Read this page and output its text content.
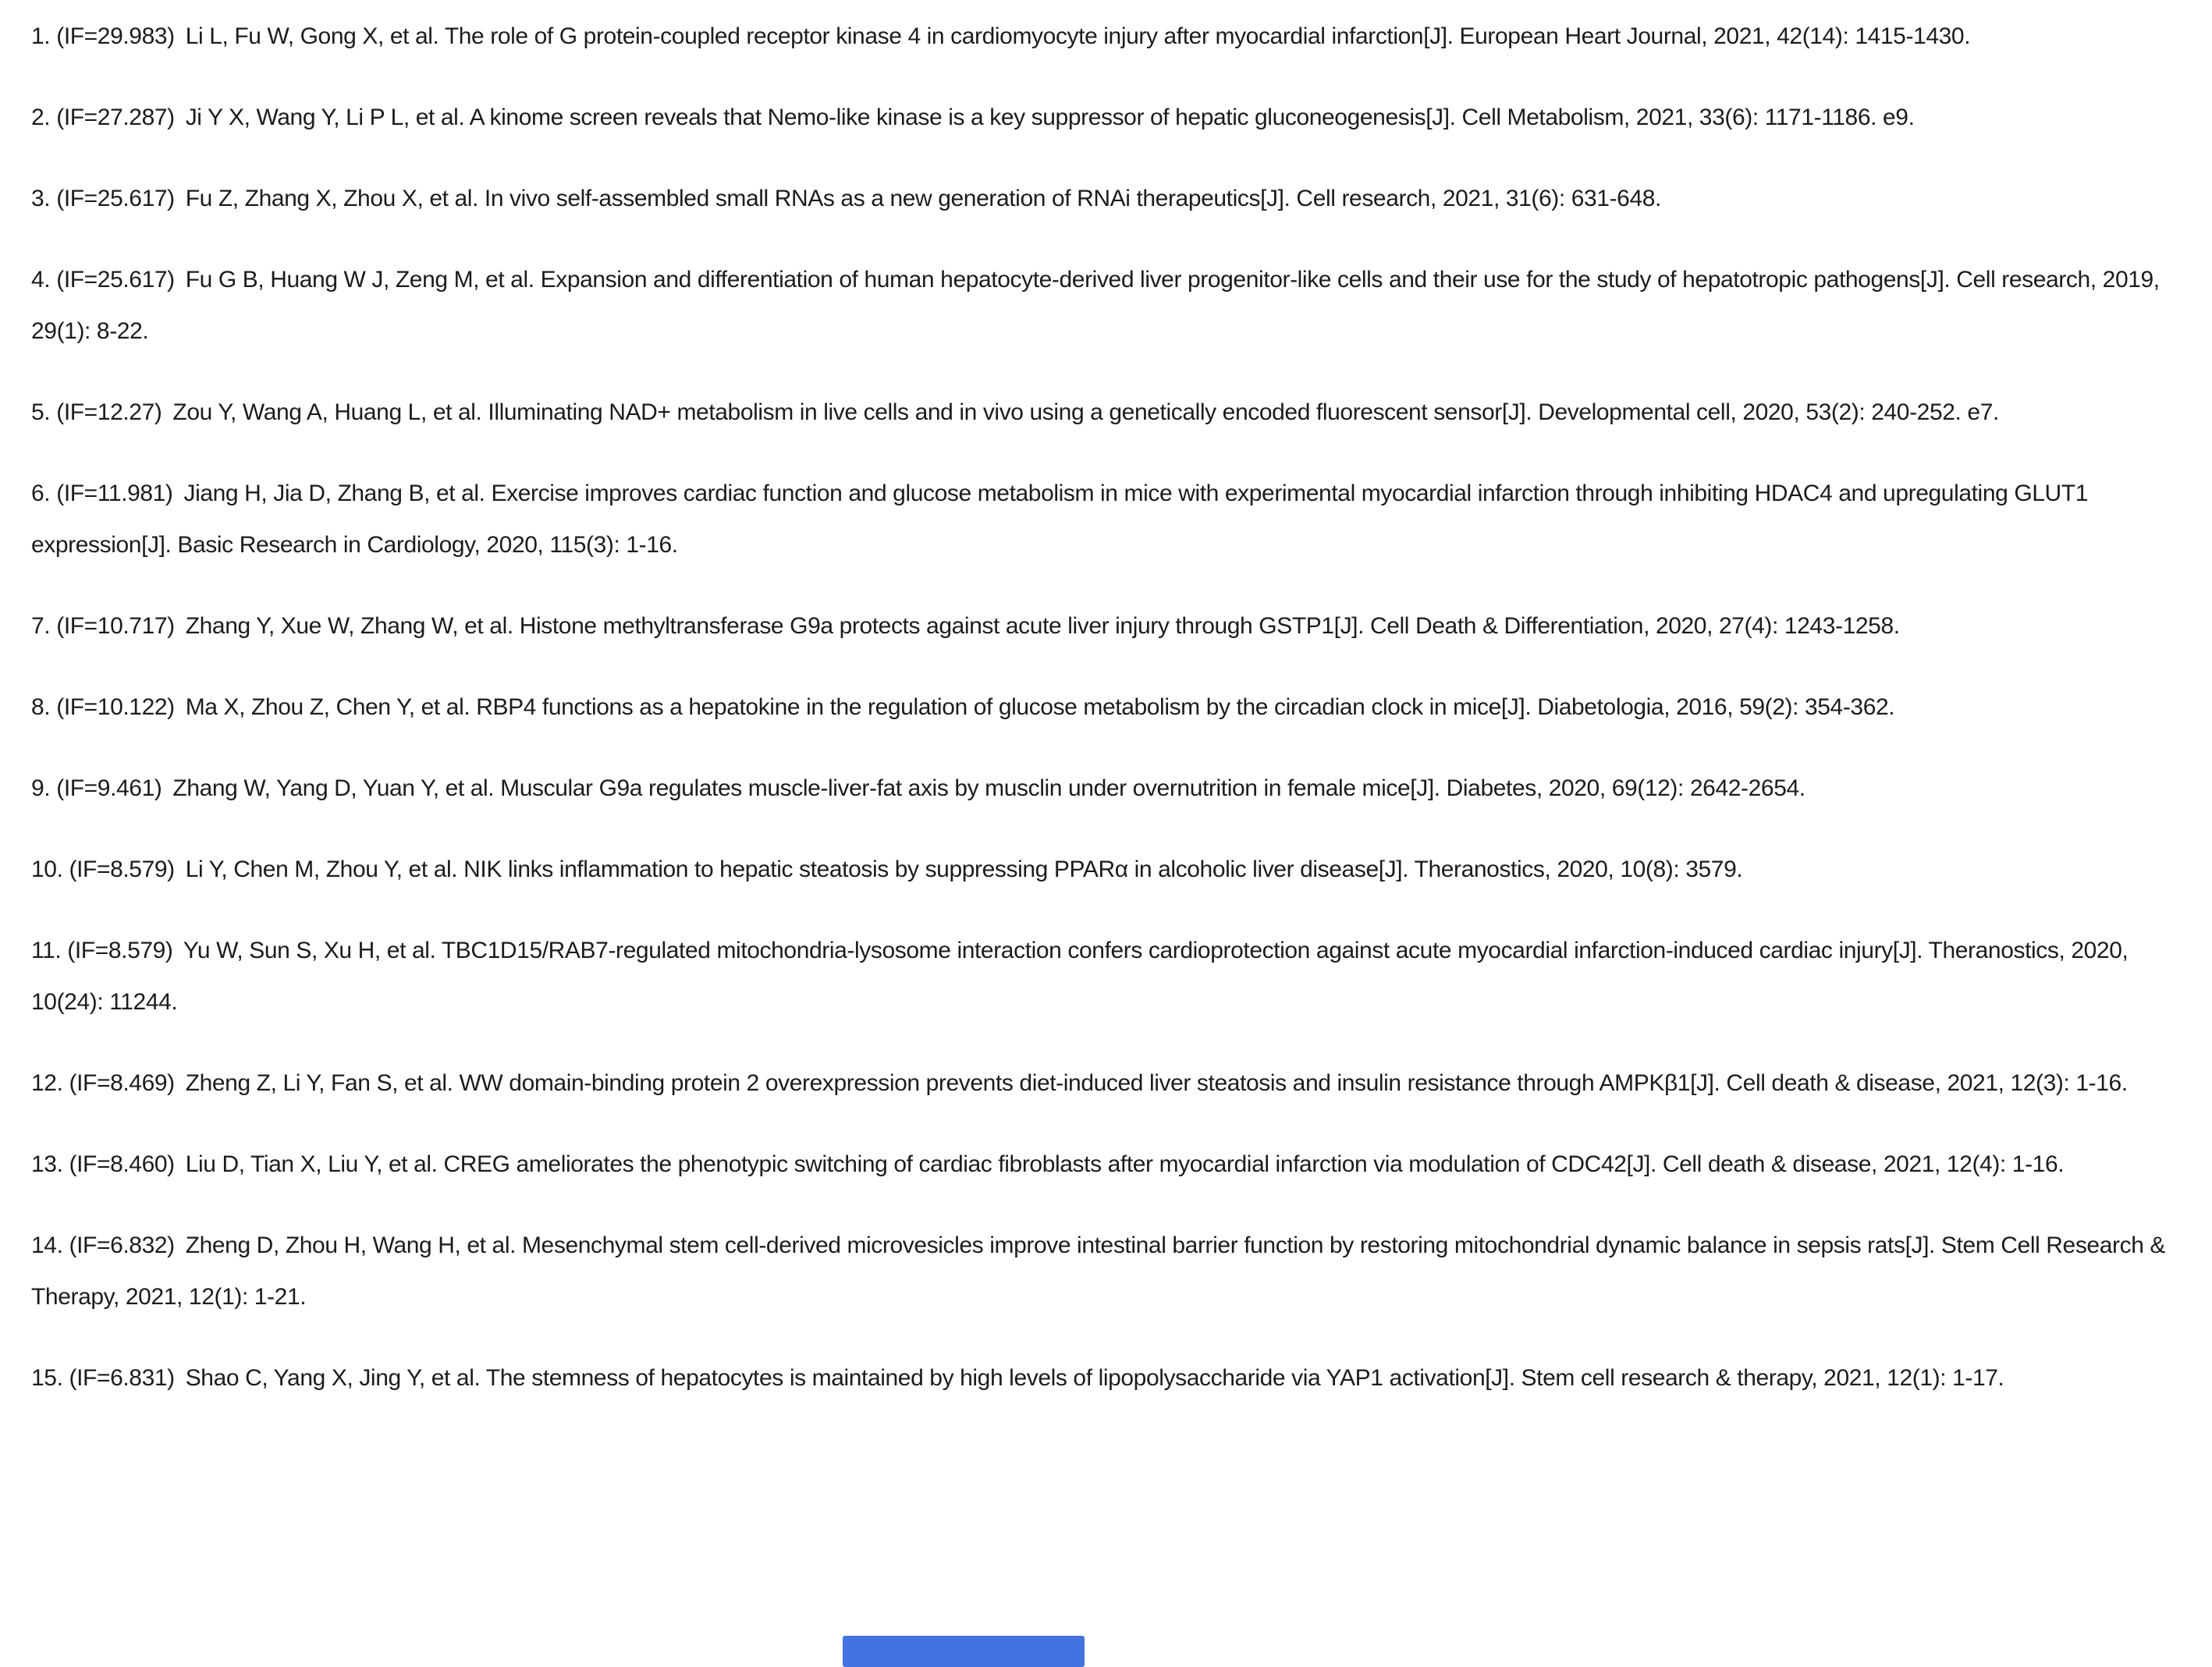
1. (IF=29.983) Li L, Fu W, Gong X, et al. The role of G protein-coupled receptor kinase 4 in cardiomyocyte injury after myocardial infarction[J]. European Heart Journal, 2021, 42(14): 1415-1430.

2. (IF=27.287) Ji Y X, Wang Y, Li P L, et al. A kinome screen reveals that Nemo-like kinase is a key suppressor of hepatic gluconeogenesis[J]. Cell Metabolism, 2021, 33(6): 1171-1186. e9.

3. (IF=25.617) Fu Z, Zhang X, Zhou X, et al. In vivo self-assembled small RNAs as a new generation of RNAi therapeutics[J]. Cell research, 2021, 31(6): 631-648.

4. (IF=25.617) Fu G B, Huang W J, Zeng M, et al. Expansion and differentiation of human hepatocyte-derived liver progenitor-like cells and their use for the study of hepatotropic pathogens[J]. Cell research, 2019, 29(1): 8-22.

5. (IF=12.27) Zou Y, Wang A, Huang L, et al. Illuminating NAD+ metabolism in live cells and in vivo using a genetically encoded fluorescent sensor[J]. Developmental cell, 2020, 53(2): 240-252. e7.

6. (IF=11.981) Jiang H, Jia D, Zhang B, et al. Exercise improves cardiac function and glucose metabolism in mice with experimental myocardial infarction through inhibiting HDAC4 and upregulating GLUT1 expression[J]. Basic Research in Cardiology, 2020, 115(3): 1-16.

7. (IF=10.717) Zhang Y, Xue W, Zhang W, et al. Histone methyltransferase G9a protects against acute liver injury through GSTP1[J]. Cell Death & Differentiation, 2020, 27(4): 1243-1258.

8. (IF=10.122) Ma X, Zhou Z, Chen Y, et al. RBP4 functions as a hepatokine in the regulation of glucose metabolism by the circadian clock in mice[J]. Diabetologia, 2016, 59(2): 354-362.

9. (IF=9.461) Zhang W, Yang D, Yuan Y, et al. Muscular G9a regulates muscle-liver-fat axis by musclin under overnutrition in female mice[J]. Diabetes, 2020, 69(12): 2642-2654.

10. (IF=8.579) Li Y, Chen M, Zhou Y, et al. NIK links inflammation to hepatic steatosis by suppressing PPARα in alcoholic liver disease[J]. Theranostics, 2020, 10(8): 3579.

11. (IF=8.579) Yu W, Sun S, Xu H, et al. TBC1D15/RAB7-regulated mitochondria-lysosome interaction confers cardioprotection against acute myocardial infarction-induced cardiac injury[J]. Theranostics, 2020, 10(24): 11244.

12. (IF=8.469) Zheng Z, Li Y, Fan S, et al. WW domain-binding protein 2 overexpression prevents diet-induced liver steatosis and insulin resistance through AMPKβ1[J]. Cell death & disease, 2021, 12(3): 1-16.

13. (IF=8.460) Liu D, Tian X, Liu Y, et al. CREG ameliorates the phenotypic switching of cardiac fibroblasts after myocardial infarction via modulation of CDC42[J]. Cell death & disease, 2021, 12(4): 1-16.

14. (IF=6.832) Zheng D, Zhou H, Wang H, et al. Mesenchymal stem cell-derived microvesicles improve intestinal barrier function by restoring mitochondrial dynamic balance in sepsis rats[J]. Stem Cell Research & Therapy, 2021, 12(1): 1-21.

15. (IF=6.831) Shao C, Yang X, Jing Y, et al. The stemness of hepatocytes is maintained by high levels of lipopolysaccharide via YAP1 activation[J]. Stem cell research & therapy, 2021, 12(1): 1-17.
